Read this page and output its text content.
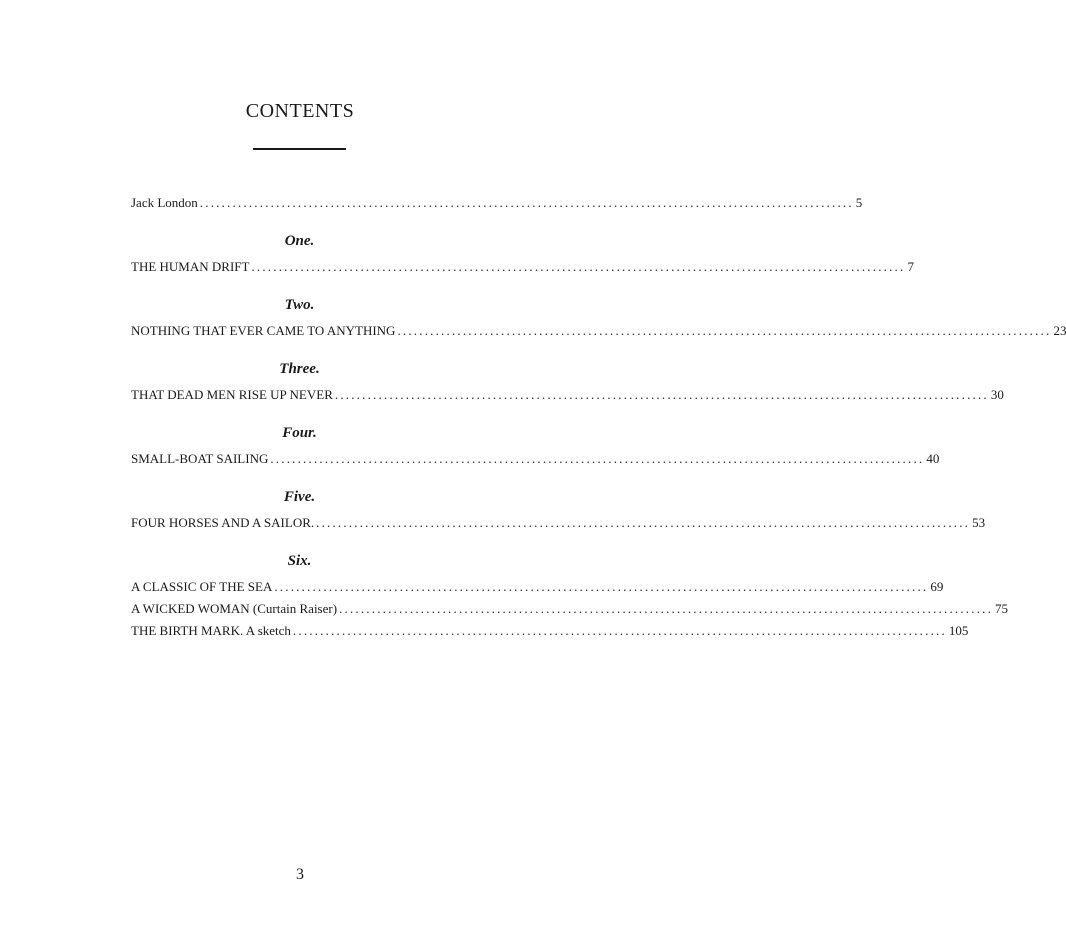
CONTENTS
Jack London ........................................................................................................................ 5
One.
THE HUMAN DRIFT ........................................................................................................................ 7
Two.
NOTHING THAT EVER CAME TO ANYTHING ........................................................................................................................ 23
Three.
THAT DEAD MEN RISE UP NEVER ........................................................................................................................ 30
Four.
SMALL-BOAT SAILING ........................................................................................................................ 40
Five.
FOUR HORSES AND A SAILOR. ........................................................................................................................ 53
Six.
A CLASSIC OF THE SEA ........................................................................................................................ 69
A WICKED WOMAN (Curtain Raiser) ........................................................................................................................ 75
THE BIRTH MARK. A sketch ........................................................................................................................ 105
3
